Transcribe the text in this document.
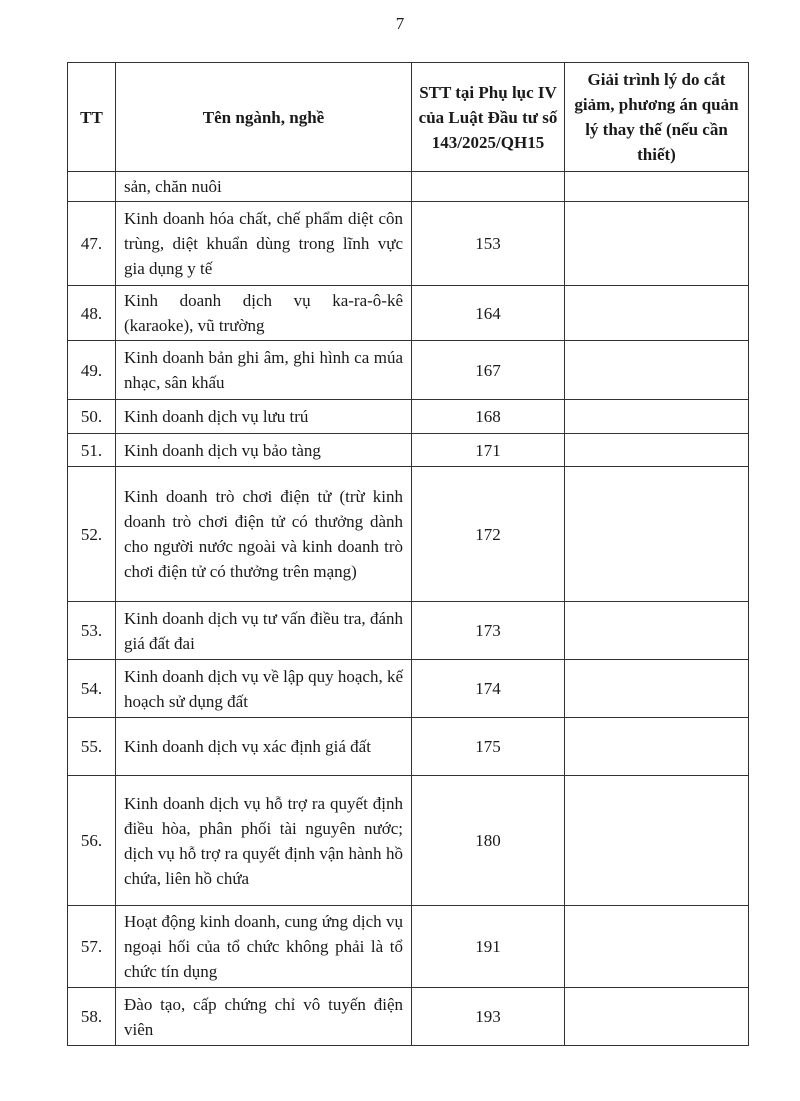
7
TT	Tên ngành, nghề	STT tại Phụ lục IV của Luật Đầu tư số 143/2025/QH15	Giải trình lý do cắt giảm, phương án quản lý thay thế (nếu cần thiết)
	sản, chăn nuôi		
47.	Kinh doanh hóa chất, chế phẩm diệt côn trùng, diệt khuẩn dùng trong lĩnh vực gia dụng y tế	153	
48.	Kinh doanh dịch vụ ka-ra-ô-kê (karaoke), vũ trường	164	
49.	Kinh doanh bản ghi âm, ghi hình ca múa nhạc, sân khấu	167	
50.	Kinh doanh dịch vụ lưu trú	168	
51.	Kinh doanh dịch vụ bảo tàng	171	
52.	Kinh doanh trò chơi điện tử (trừ kinh doanh trò chơi điện tử có thưởng dành cho người nước ngoài và kinh doanh trò chơi điện tử có thưởng trên mạng)	172	
53.	Kinh doanh dịch vụ tư vấn điều tra, đánh giá đất đai	173	
54.	Kinh doanh dịch vụ về lập quy hoạch, kế hoạch sử dụng đất	174	
55.	Kinh doanh dịch vụ xác định giá đất	175	
56.	Kinh doanh dịch vụ hỗ trợ ra quyết định điều hòa, phân phối tài nguyên nước; dịch vụ hỗ trợ ra quyết định vận hành hồ chứa, liên hồ chứa	180	
57.	Hoạt động kinh doanh, cung ứng dịch vụ ngoại hối của tổ chức không phải là tổ chức tín dụng	191	
58.	Đào tạo, cấp chứng chỉ vô tuyến điện viên	193	
